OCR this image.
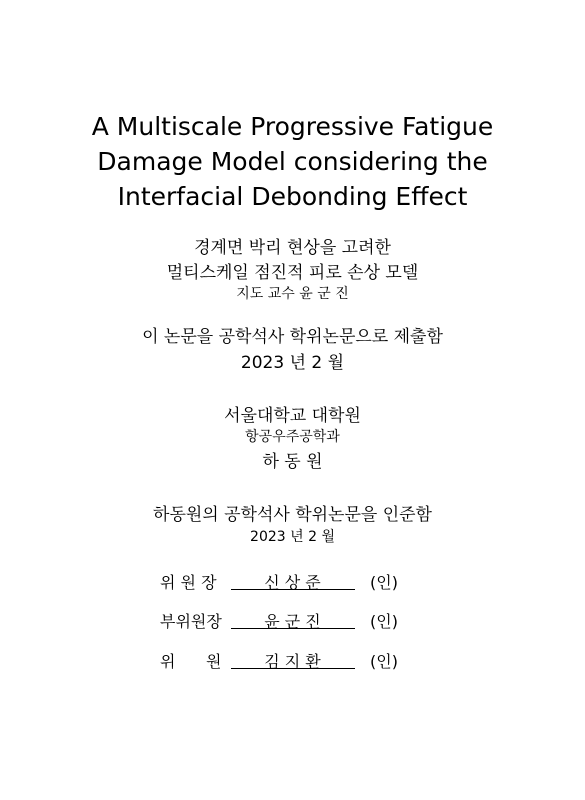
A Multiscale Progressive Fatigue
Damage Model considering the
Interfacial Debonding Effect
경계면 박리 현상을 고려한
멀티스케일 점진적 피로 손상 모델
지도 교수 윤 군 진
이 논문을 공학석사 학위논문으로 제출함
2023 년 2 월
서울대학교 대학원
항공우주공학과
하 동 원
하동원의 공학석사 학위논문을 인준함
2023 년 2 월
위 원 장	신 상 준	(인)
부위원장	윤 군 진	(인)
위      원	김 지 환	(인)
